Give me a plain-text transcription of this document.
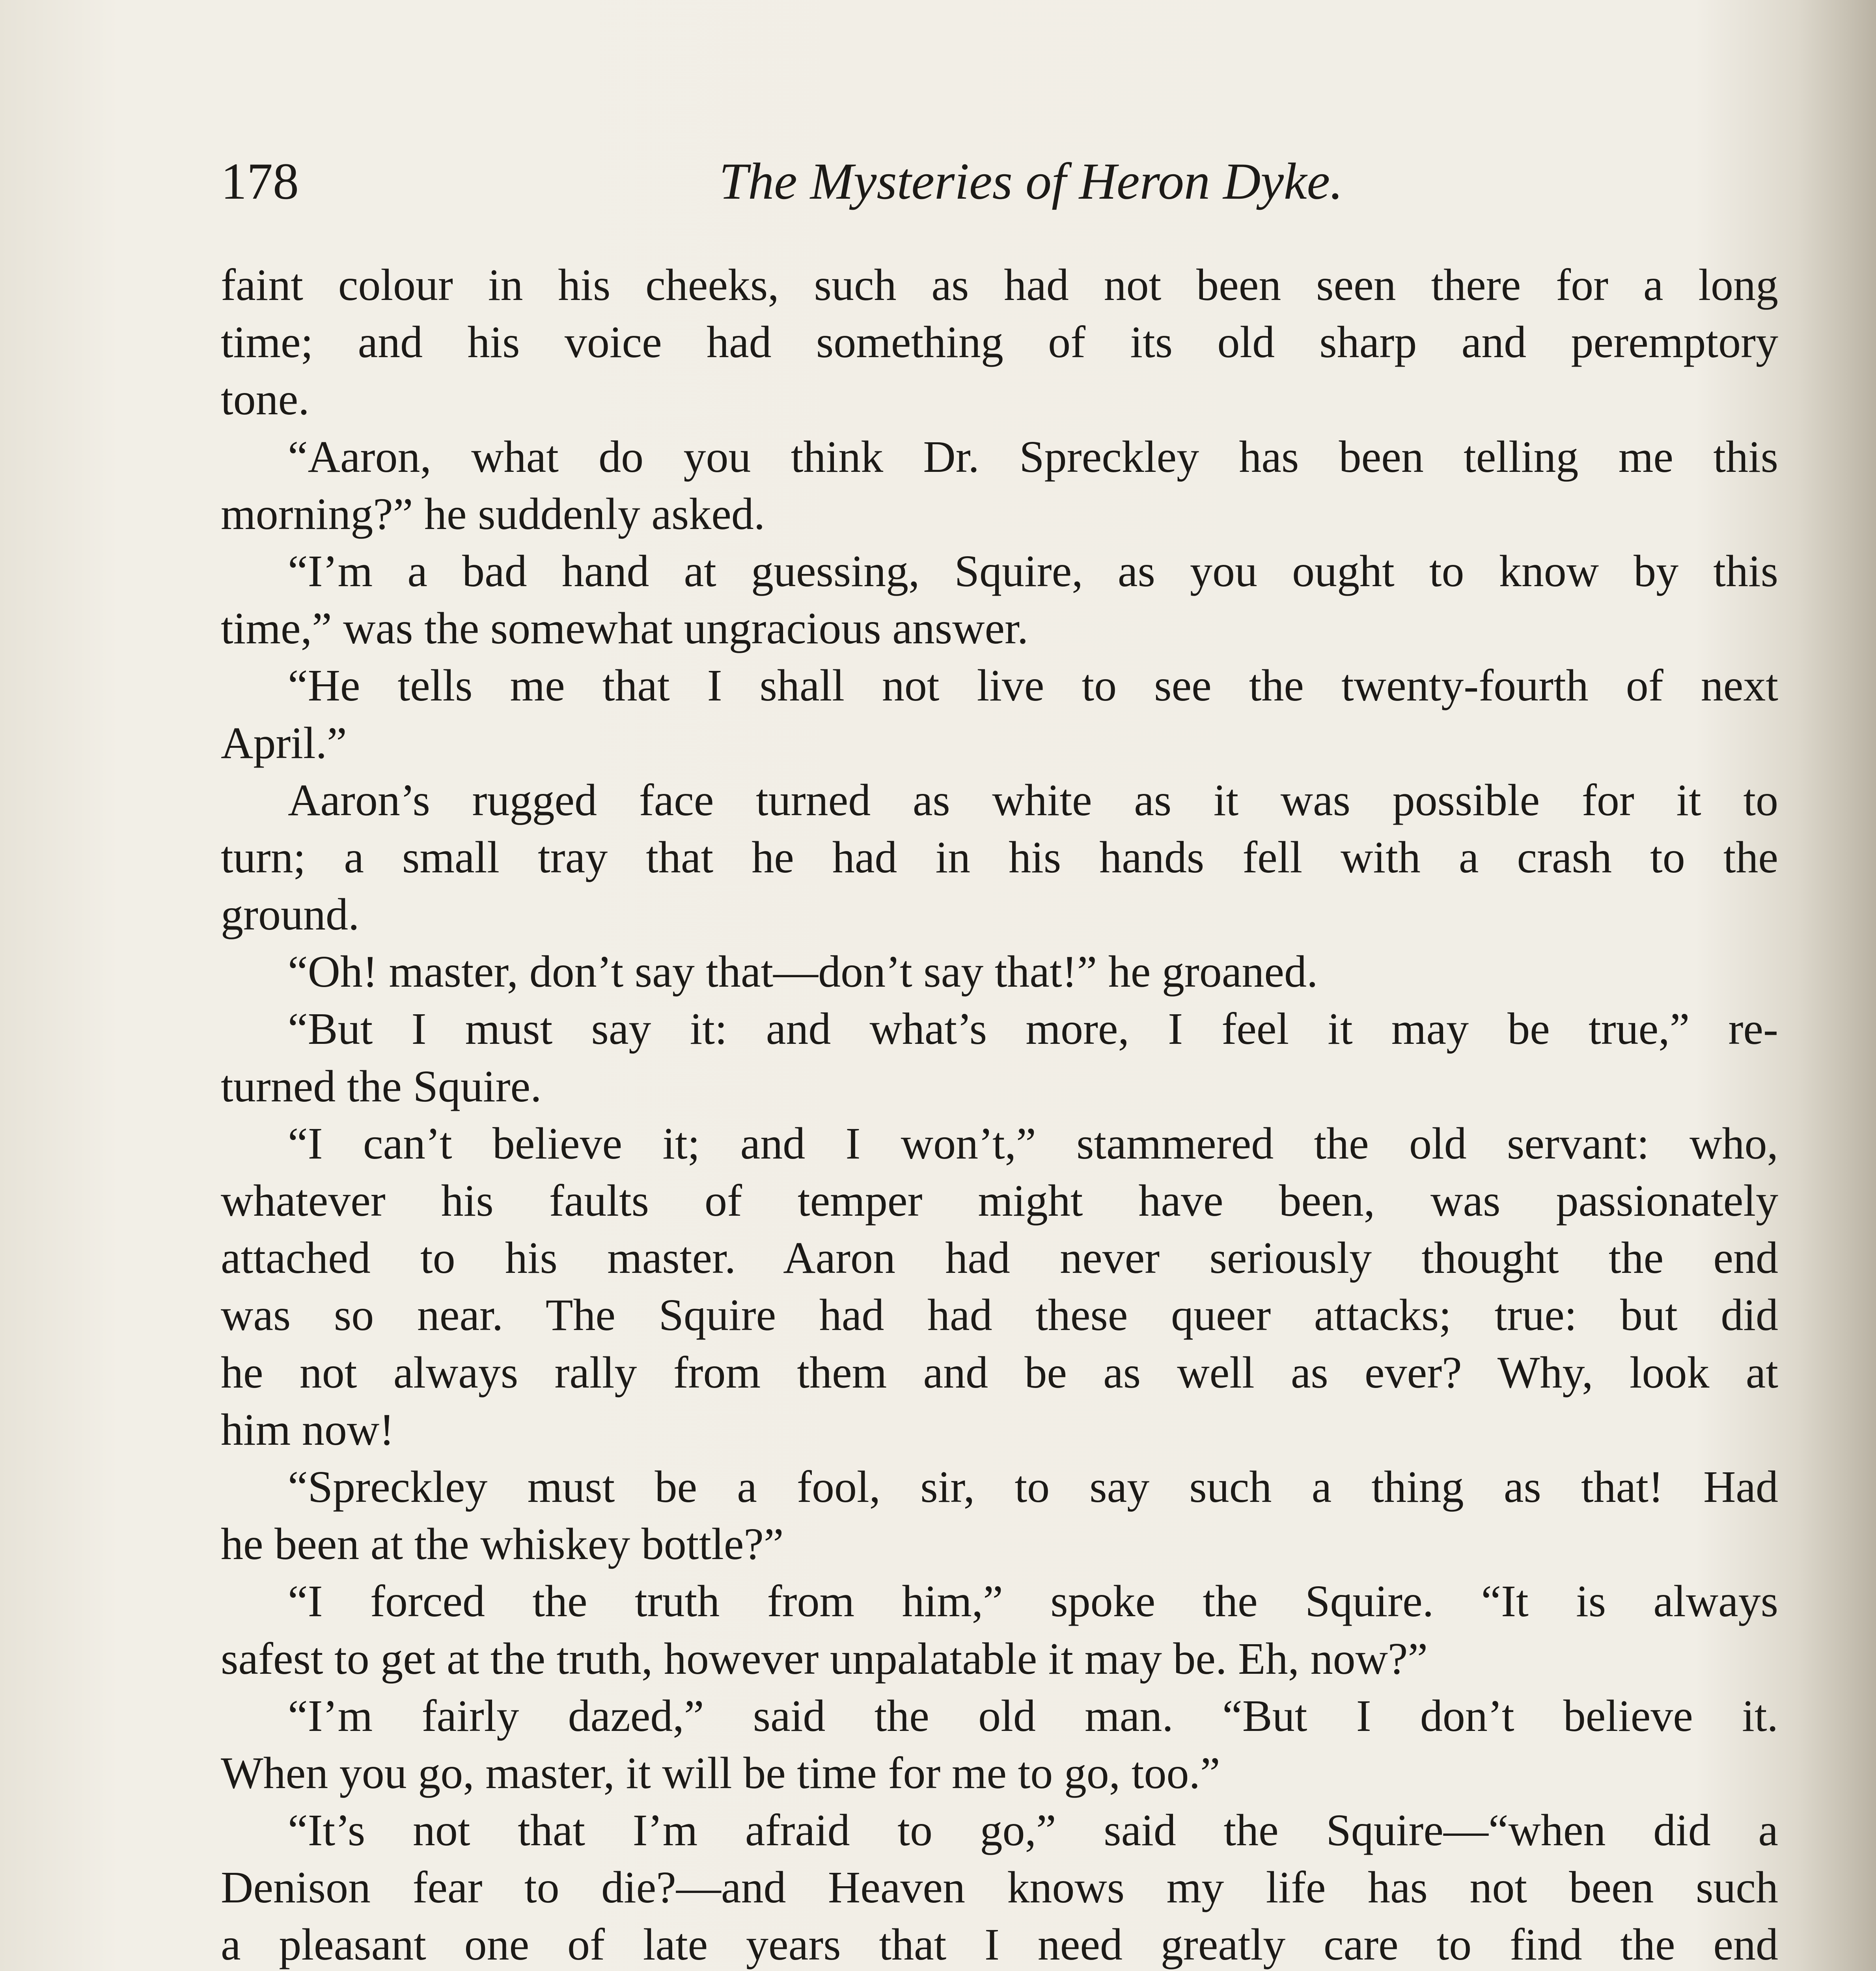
178	The Mysteries of Heron Dyke.
faint colour in his cheeks, such as had not been seen there for a long
time; and his voice had something of its old sharp and peremptory
tone.
“Aaron, what do you think Dr. Spreckley has been telling me this
morning?” he suddenly asked.
“I’m a bad hand at guessing, Squire, as you ought to know by this
time,” was the somewhat ungracious answer.
“He tells me that I shall not live to see the twenty-fourth of next
April.”
Aaron’s rugged face turned as white as it was possible for it to
turn; a small tray that he had in his hands fell with a crash to the
ground.
“Oh! master, don’t say that—don’t say that!” he groaned.
“But I must say it: and what’s more, I feel it may be true,” re-
turned the Squire.
“I can’t believe it; and I won’t,” stammered the old servant: who,
whatever his faults of temper might have been, was passionately
attached to his master. Aaron had never seriously thought the end
was so near. The Squire had had these queer attacks; true: but did
he not always rally from them and be as well as ever? Why, look at
him now!
“Spreckley must be a fool, sir, to say such a thing as that! Had
he been at the whiskey bottle?”
“I forced the truth from him,” spoke the Squire. “It is always
safest to get at the truth, however unpalatable it may be. Eh, now?”
“I’m fairly dazed,” said the old man. “But I don’t believe it.
When you go, master, it will be time for me to go, too.”
“It’s not that I’m afraid to go,” said the Squire—“when did a
Denison fear to die?—and Heaven knows my life has not been such
a pleasant one of late years that I need greatly care to find the end
